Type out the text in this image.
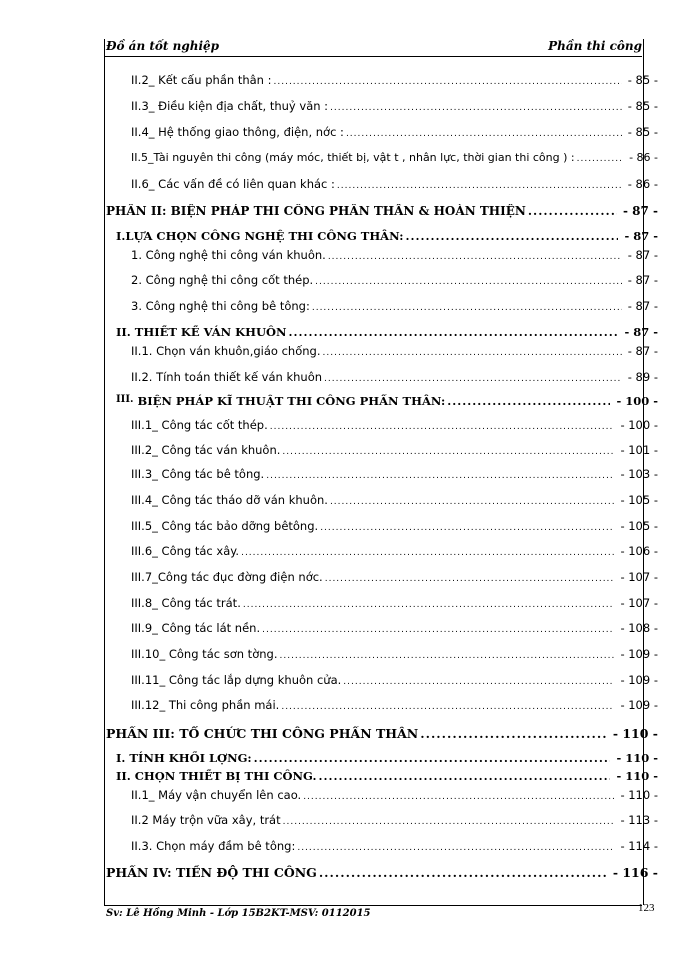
Đồ án tốt nghiệp	Phần thi công
II.2_ Kết cấu phần thân : .....	- 85 -
II.3_ Điều kiện địa chất, thuỷ văn : .....	- 85 -
II.4_ Hệ thống giao thông, điện, nớc : .....	- 85 -
II.5_Tài nguyên thi công (máy móc, thiết bị, vật t , nhân lực, thời gian thi công ) : .....	- 86 -
II.6_ Các vấn đề có liên quan khác : .....	- 86 -
PHẦN II: BIỆN PHÁP THI CÔNG PHẦN THÂN & HOÀN THIỆN .....	- 87 -
I.LỰA CHỌN CÔNG NGHỆ THI CÔNG THÂN: .....	- 87 -
1. Công nghệ thi công ván khuôn. .....	- 87 -
2. Công nghệ thi công cốt thép. .....	- 87 -
3. Công nghệ thi công bê tông: .....	- 87 -
II. THIẾT KẾ VÁN KHUÔN .....	- 87 -
II.1. Chọn ván khuôn,giáo chống. .....	- 87 -
II.2. Tính toán thiết kế ván khuôn .....	- 89 -
III. BIỆN PHÁP KĨ THUẬT THI CÔNG PHẦN THÂN: .....	- 100 -
III.1_ Công tác cốt thép. .....	- 100 -
III.2_ Công tác ván khuôn. .....	- 101 -
III.3_ Công tác bê tông. .....	- 103 -
III.4_ Công tác tháo dỡ ván khuôn. .....	- 105 -
III.5_ Công tác bảo dỡng bêtông. .....	- 105 -
III.6_ Công tác xây. .....	- 106 -
III.7_Công tác đục đờng điện nớc. .....	- 107 -
III.8_ Công tác trát. .....	- 107 -
III.9_ Công tác lát nền. .....	- 108 -
III.10_ Công tác sơn tờng. .....	- 109 -
III.11_ Công tác lắp dựng khuôn cửa. .....	- 109 -
III.12_ Thi công phần mái. .....	- 109 -
PHẦN III: TỔ CHỨC THI CÔNG PHẦN THÂN .....	- 110 -
I. TÍNH KHỐI LỢNG: .....	- 110 -
II. CHỌN THIẾT BỊ THI CÔNG. .....	- 110 -
II.1_ Máy vận chuyển lên cao. .....	- 110 -
II.2 Máy trộn vữa xây, trát .....	- 113 -
II.3. Chọn máy đầm bê tông: .....	- 114 -
PHẦN IV: TIẾN ĐỘ THI CÔNG .....	- 116 -
Sv: Lê Hồng Minh - Lớp 15B2KT-MSV: 0112015	123
